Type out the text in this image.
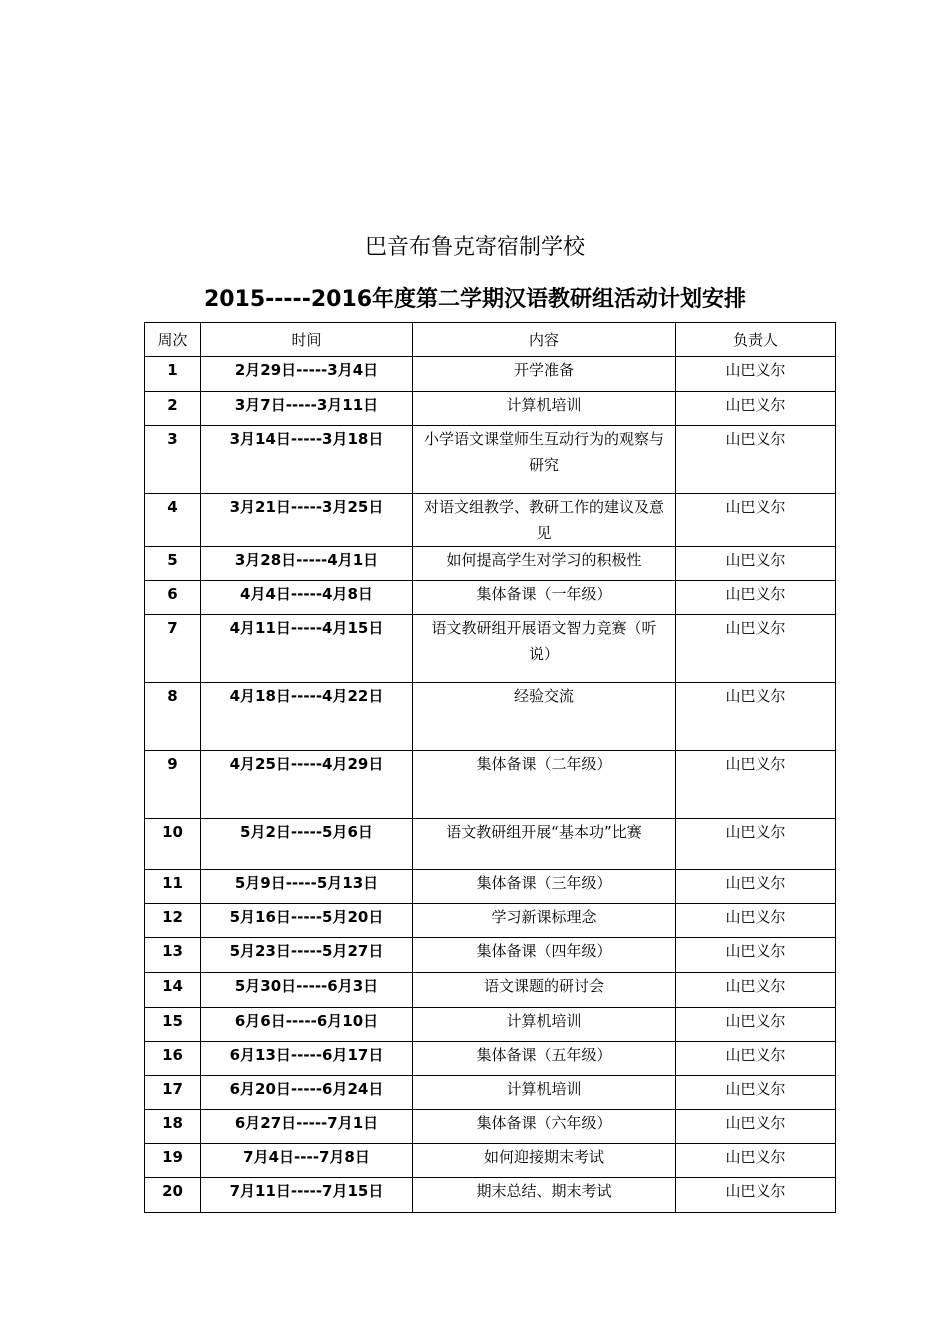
巴音布鲁克寄宿制学校
2015-----2016年度第二学期汉语教研组活动计划安排
周次	时间	内容	负责人
1	2月29日-----3月4日	开学准备	山巴义尔
2	3月7日-----3月11日	计算机培训	山巴义尔
3	3月14日-----3月18日	小学语文课堂师生互动行为的观察与研究	山巴义尔
4	3月21日-----3月25日	对语文组教学、教研工作的建议及意见	山巴义尔
5	3月28日-----4月1日	如何提高学生对学习的积极性	山巴义尔
6	4月4日-----4月8日	集体备课（一年级）	山巴义尔
7	4月11日-----4月15日	语文教研组开展语文智力竞赛（听说）	山巴义尔
8	4月18日-----4月22日	经验交流	山巴义尔
9	4月25日-----4月29日	集体备课（二年级）	山巴义尔
10	5月2日-----5月6日	语文教研组开展“基本功”比赛	山巴义尔
11	5月9日-----5月13日	集体备课（三年级）	山巴义尔
12	5月16日-----5月20日	学习新课标理念	山巴义尔
13	5月23日-----5月27日	集体备课（四年级）	山巴义尔
14	5月30日-----6月3日	语文课题的研讨会	山巴义尔
15	6月6日-----6月10日	计算机培训	山巴义尔
16	6月13日-----6月17日	集体备课（五年级）	山巴义尔
17	6月20日-----6月24日	计算机培训	山巴义尔
18	6月27日-----7月1日	集体备课（六年级）	山巴义尔
19	7月4日----7月8日	如何迎接期末考试	山巴义尔
20	7月11日-----7月15日	期末总结、期末考试	山巴义尔
